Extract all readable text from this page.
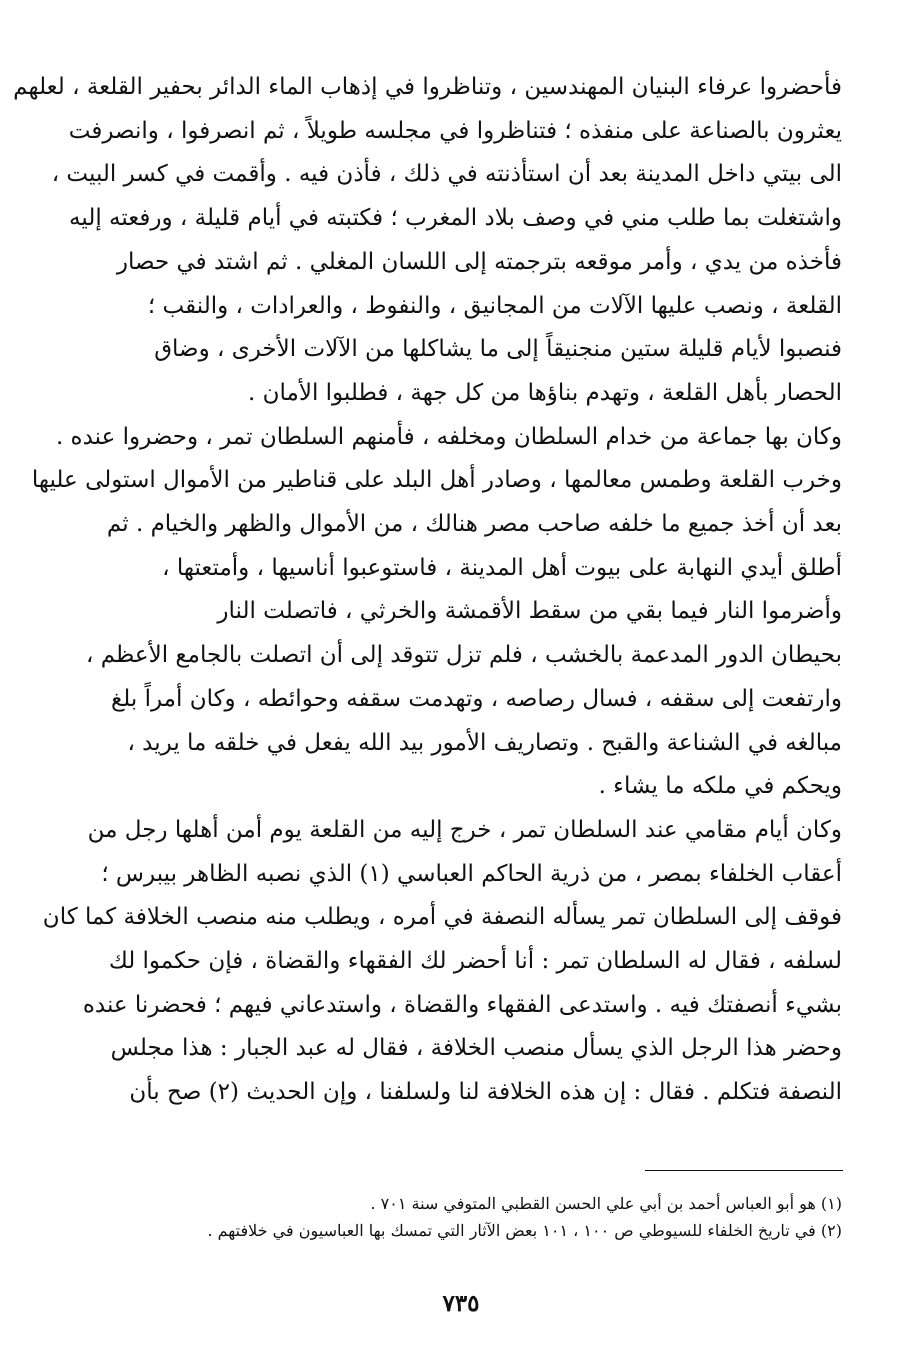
فأحضروا عرفاء البنيان المهندسين ، وتناظروا في إذهاب الماء الدائر بحفير القلعة ، لعلهم
يعثرون بالصناعة على منفذه ؛ فتناظروا في مجلسه طويلاً ، ثم انصرفوا ، وانصرفت
الى بيتي داخل المدينة بعد أن استأذنته في ذلك ، فأذن فيه . وأقمت في كسر البيت ،
واشتغلت بما طلب مني في وصف بلاد المغرب ؛ فكتبته في أيام قليلة ، ورفعته إليه
فأخذه من يدي ، وأمر موقعه بترجمته إلى اللسان المغلي . ثم اشتد في حصار
القلعة ، ونصب عليها الآلات من المجانيق ، والنفوط ، والعرادات ، والنقب ؛
فنصبوا لأيام قليلة ستين منجنيقاً إلى ما يشاكلها من الآلات الأخرى ، وضاق
الحصار بأهل القلعة ، وتهدم بناؤها من كل جهة ، فطلبوا الأمان .
وكان بها جماعة من خدام السلطان ومخلفه ، فأمنهم السلطان تمر ، وحضروا عنده .
وخرب القلعة وطمس معالمها ، وصادر أهل البلد على قناطير من الأموال استولى عليها
بعد أن أخذ جميع ما خلفه صاحب مصر هنالك ، من الأموال والظهر والخيام . ثم
أطلق أيدي النهابة على بيوت أهل المدينة ، فاستوعبوا أناسيها ، وأمتعتها ،
وأضرموا النار فيما بقي من سقط الأقمشة والخرثي ، فاتصلت النار
بحيطان الدور المدعمة بالخشب ، فلم تزل تتوقد إلى أن اتصلت بالجامع الأعظم ،
وارتفعت إلى سقفه ، فسال رصاصه ، وتهدمت سقفه وحوائطه ، وكان أمراً بلغ
مبالغه في الشناعة والقبح . وتصاريف الأمور بيد الله يفعل في خلقه ما يريد ،
ويحكم في ملكه ما يشاء .
وكان أيام مقامي عند السلطان تمر ، خرج إليه من القلعة يوم أمن أهلها رجل من
أعقاب الخلفاء بمصر ، من ذرية الحاكم العباسي (١) الذي نصبه الظاهر بيبرس ؛
فوقف إلى السلطان تمر يسأله النصفة في أمره ، ويطلب منه منصب الخلافة كما كان
لسلفه ، فقال له السلطان تمر : أنا أحضر لك الفقهاء والقضاة ، فإن حكموا لك
بشيء أنصفتك فيه . واستدعى الفقهاء والقضاة ، واستدعاني فيهم ؛ فحضرنا عنده
وحضر هذا الرجل الذي يسأل منصب الخلافة ، فقال له عبد الجبار : هذا مجلس
النصفة فتكلم . فقال : إن هذه الخلافة لنا ولسلفنا ، وإن الحديث (٢) صح بأن
(١) هو أبو العباس أحمد بن أبي علي الحسن القطبي المتوفي سنة ٧٠١ .
(٢) في تاريخ الخلفاء للسيوطي ص ١٠٠ ، ١٠١ بعض الآثار التي تمسك بها العباسيون في خلافتهم .
٧٣٥
